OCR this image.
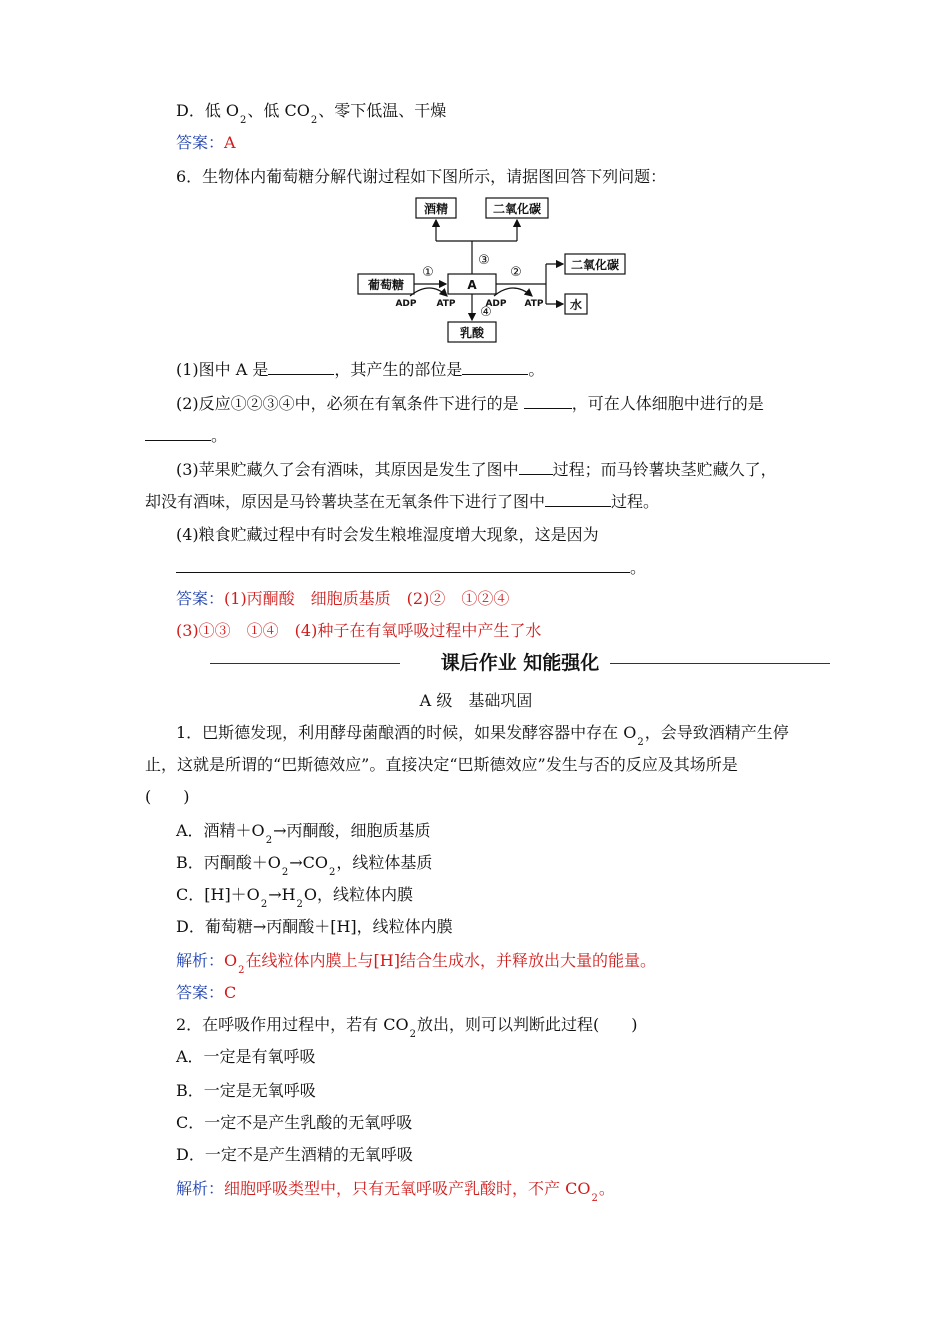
D．低 $O_2$、低 $CO_2$、零下低温、干燥
答案：A
6．生物体内葡萄糖分解代谢过程如下图所示，请据图回答下列问题：
酒精	二氧化碳
葡萄糖	A
二氧化碳
水
乳酸
①	②
③
④
ADP ATP	ADP ATP
(1)图中 A 是	，其产生的部位是	。
(2)反应①②③④中，必须在有氧条件下进行的是	，可在人体细胞中进行的是
。
(3)苹果贮藏久了会有酒味，其原因是发生了图中 过程；而马铃薯块茎贮藏久了，
却没有酒味，原因是马铃薯块茎在无氧条件下进行了图中	过程。
(4)粮食贮藏过程中有时会发生粮堆湿度增大现象，这是因为
。
答案：(1)丙酮酸　细胞质基质　(2)②　①②④
(3)①③　①④　(4)种子在有氧呼吸过程中产生了水
课后作业 知能强化
A 级　基础巩固
1．巴斯德发现，利用酵母菌酿酒的时候，如果发酵容器中存在 $O_2$，会导致酒精产生停
止，这就是所谓的“巴斯德效应”。直接决定“巴斯德效应”发生与否的反应及其场所是
(　　)
A．酒精$+O_2\to$丙酮酸，细胞质基质
B．丙酮酸$+O_2\to CO_2$，线粒体基质
C．$[H]+O_2\to H_2O$，线粒体内膜
D．葡萄糖→丙酮酸＋[H]，线粒体内膜
解析：$O_2$在线粒体内膜上与[H]结合生成水，并释放出大量的能量。
答案：C
2．在呼吸作用过程中，若有 $CO_2$放出，则可以判断此过程(　　)
A．一定是有氧呼吸
B．一定是无氧呼吸
C．一定不是产生乳酸的无氧呼吸
D．一定不是产生酒精的无氧呼吸
解析：细胞呼吸类型中，只有无氧呼吸产乳酸时，不产 $CO_2$。
